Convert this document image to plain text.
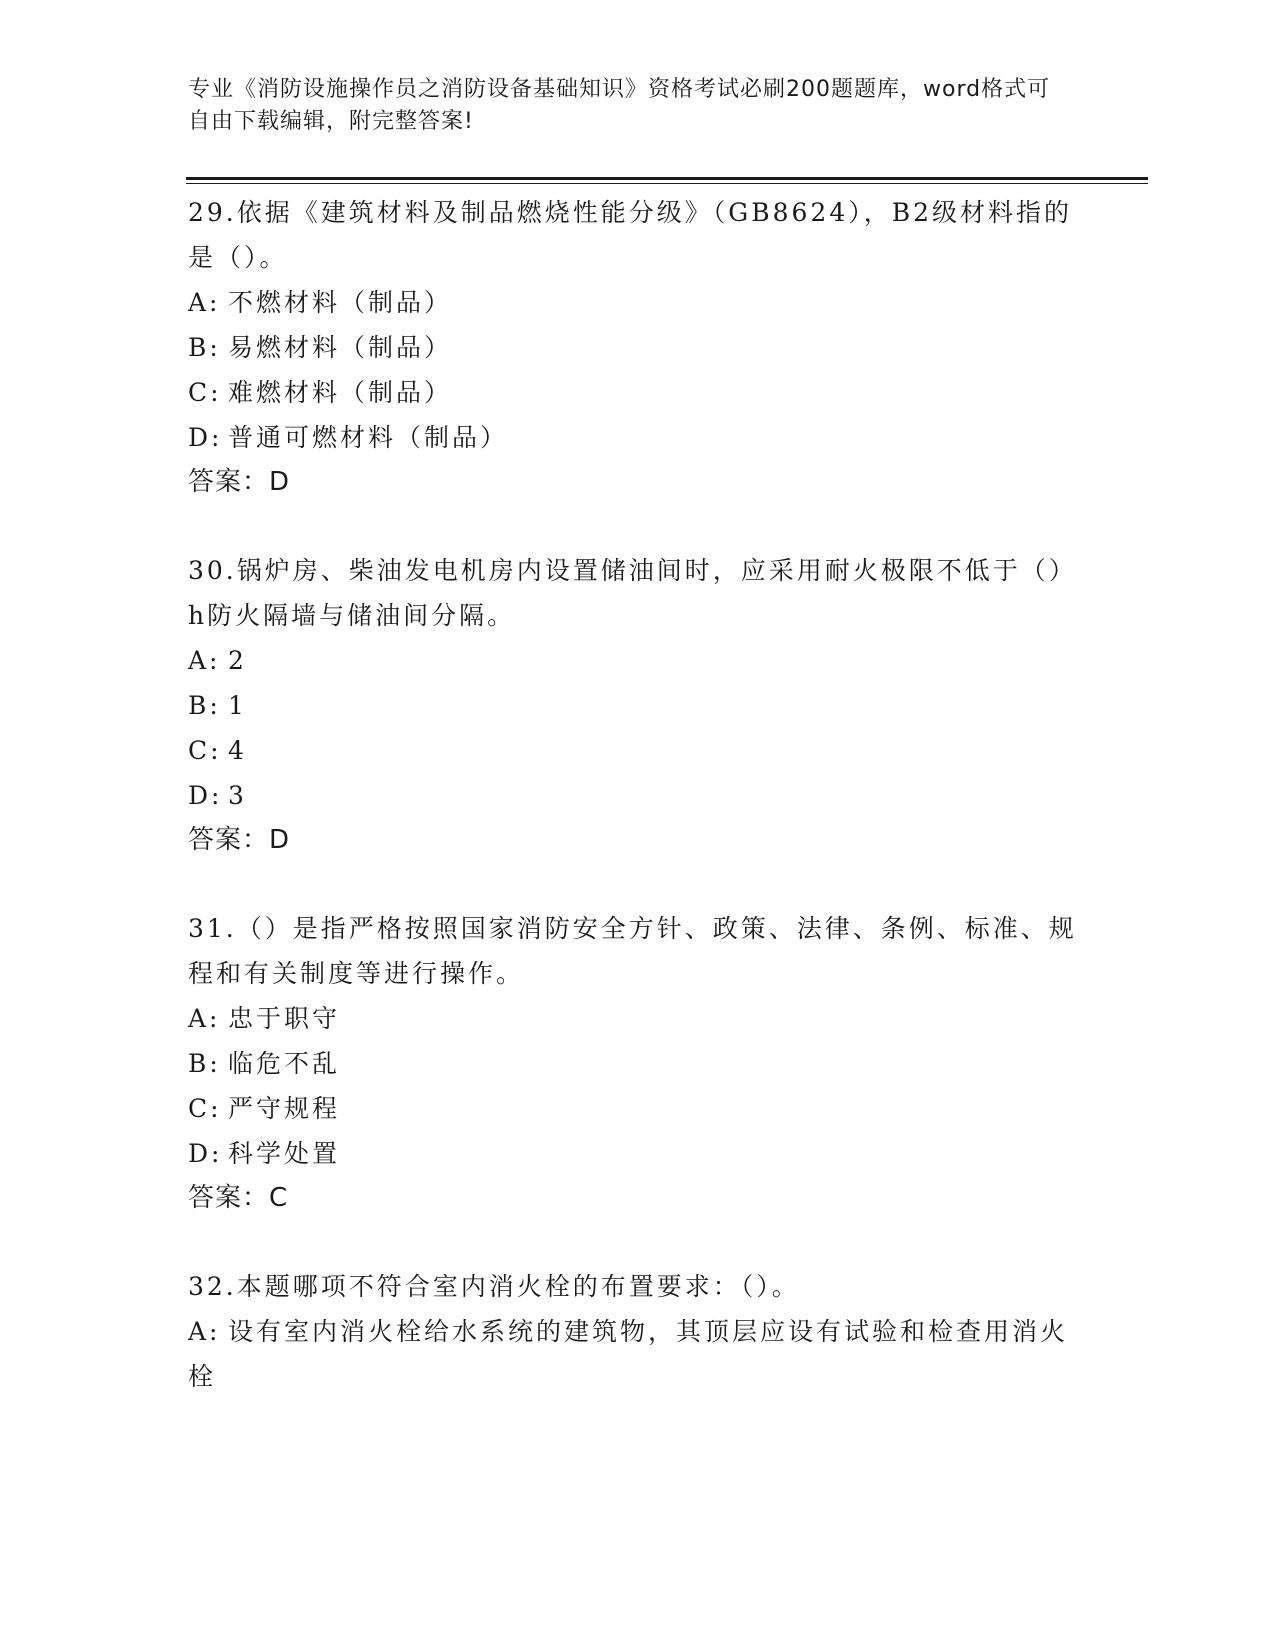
专业《消防设施操作员之消防设备基础知识》资格考试必刷200题题库，word格式可自由下载编辑，附完整答案!

29.依据《建筑材料及制品燃烧性能分级》（GB8624），B2级材料指的是（）。

A: 不燃材料（制品）

B: 易燃材料（制品）

C: 难燃材料（制品）

D: 普通可燃材料（制品）

答案：D

30.锅炉房、柴油发电机房内设置储油间时，应采用耐火极限不低于（）h防火隔墙与储油间分隔。

A: 2

B: 1

C: 4

D: 3

答案：D

31.（）是指严格按照国家消防安全方针、政策、法律、条例、标准、规程和有关制度等进行操作。

A: 忠于职守

B: 临危不乱

C: 严守规程

D: 科学处置

答案：C

32.本题哪项不符合室内消火栓的布置要求：（）。

A: 设有室内消火栓给水系统的建筑物，其顶层应设有试验和检查用消火栓
